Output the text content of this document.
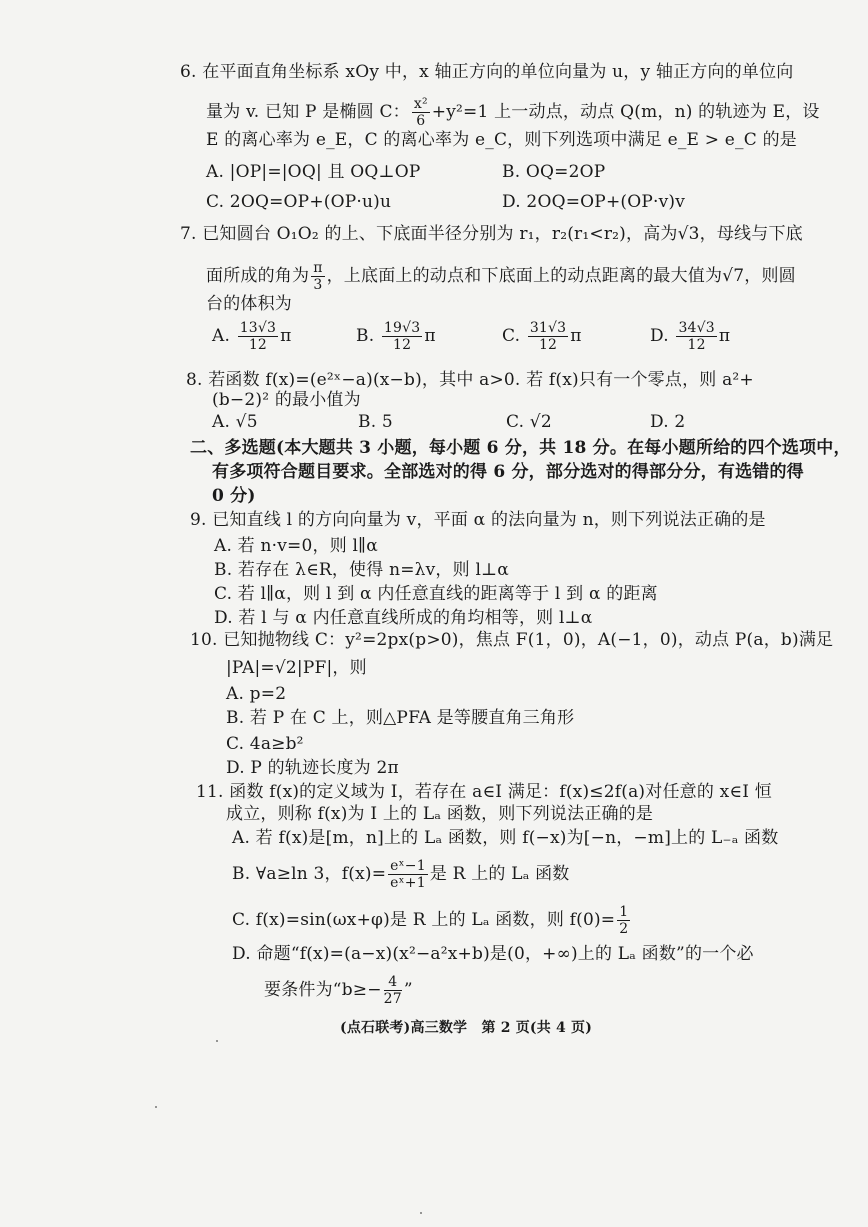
6. 在平面直角坐标系 xOy 中，x 轴正方向的单位向量为 u，y 轴正方向的单位向
量为 v. 已知 P 是椭圆 C： $\frac{\text{x²}}{6} +y^2=1$ 上一动点，动点 Q(m，n) 的轨迹为 E，设
E 的离心率为 e_E，C 的离心率为 e_C，则下列选项中满足 e_E > e_C 的是
A. |OP|=|OQ| 且 OQ⊥OP	B. OQ=2OP
C. 2OQ=OP+(OP·u)u	D. 2OQ=OP+(OP·v)v
7. 已知圆台 O₁O₂ 的上、下底面半径分别为 r₁，r₂(r₁<r₂)，高为√3，母线与下底
面所成的角为 $\frac{\pi}{3}$ ，上底面上的动点和下底面上的动点距离的最大值为√7，则圆
台的体积为
A. $\frac{13√3}{12}$ π	B. $\frac{19√3}{12}$ π	C. $\frac{31√3}{12}$ π	D. $\frac{34√3}{12}$ π
8. 若函数 f(x)=(e²ˣ−a)(x−b)，其中 a>0. 若 f(x)只有一个零点，则 a²+
(b−2)² 的最小值为
A. √5	B. 5	C. √2	D. 2
二、多选题(本大题共 3 小题，每小题 6 分，共 18 分。在每小题所给的四个选项中，
有多项符合题目要求。全部选对的得 6 分，部分选对的得部分分，有选错的得
0 分)
9. 已知直线 l 的方向向量为 v，平面 α 的法向量为 n，则下列说法正确的是
A. 若 n·v=0，则 l∥α
B. 若存在 λ∈R，使得 n=λv，则 l⊥α
C. 若 l∥α，则 l 到 α 内任意直线的距离等于 l 到 α 的距离
D. 若 l 与 α 内任意直线所成的角均相等，则 l⊥α
10. 已知抛物线 C：y²=2px(p>0)，焦点 F(1，0)，A(−1，0)，动点 P(a，b)满足
|PA|=√2|PF|，则
A. p=2
B. 若 P 在 C 上，则△PFA 是等腰直角三角形
C. 4a≥b²
D. P 的轨迹长度为 2π
11. 函数 f(x)的定义域为 I，若存在 a∈I 满足：f(x)≤2f(a)对任意的 x∈I 恒
成立，则称 f(x)为 I 上的 Lₐ 函数，则下列说法正确的是
A. 若 f(x)是[m，n]上的 Lₐ 函数，则 f(−x)为[−n，−m]上的 L₋ₐ 函数
B. ∀a≥ln 3，$f(x)= \frac{\text{eˣ−1}}{\text{eˣ+1}}$ 是 R 上的 Lₐ 函数
C. f(x)=sin(ωx+φ)是 R 上的 Lₐ 函数，则 $f(0)= \frac{1}{2}$
D. 命题“f(x)=(a−x)(x²−a²x+b)是(0，+∞)上的 Lₐ 函数”的一个必
要条件为“$b\ge- \frac{4}{27}$ ”
(点石联考)高三数学　第 2 页(共 4 页)
